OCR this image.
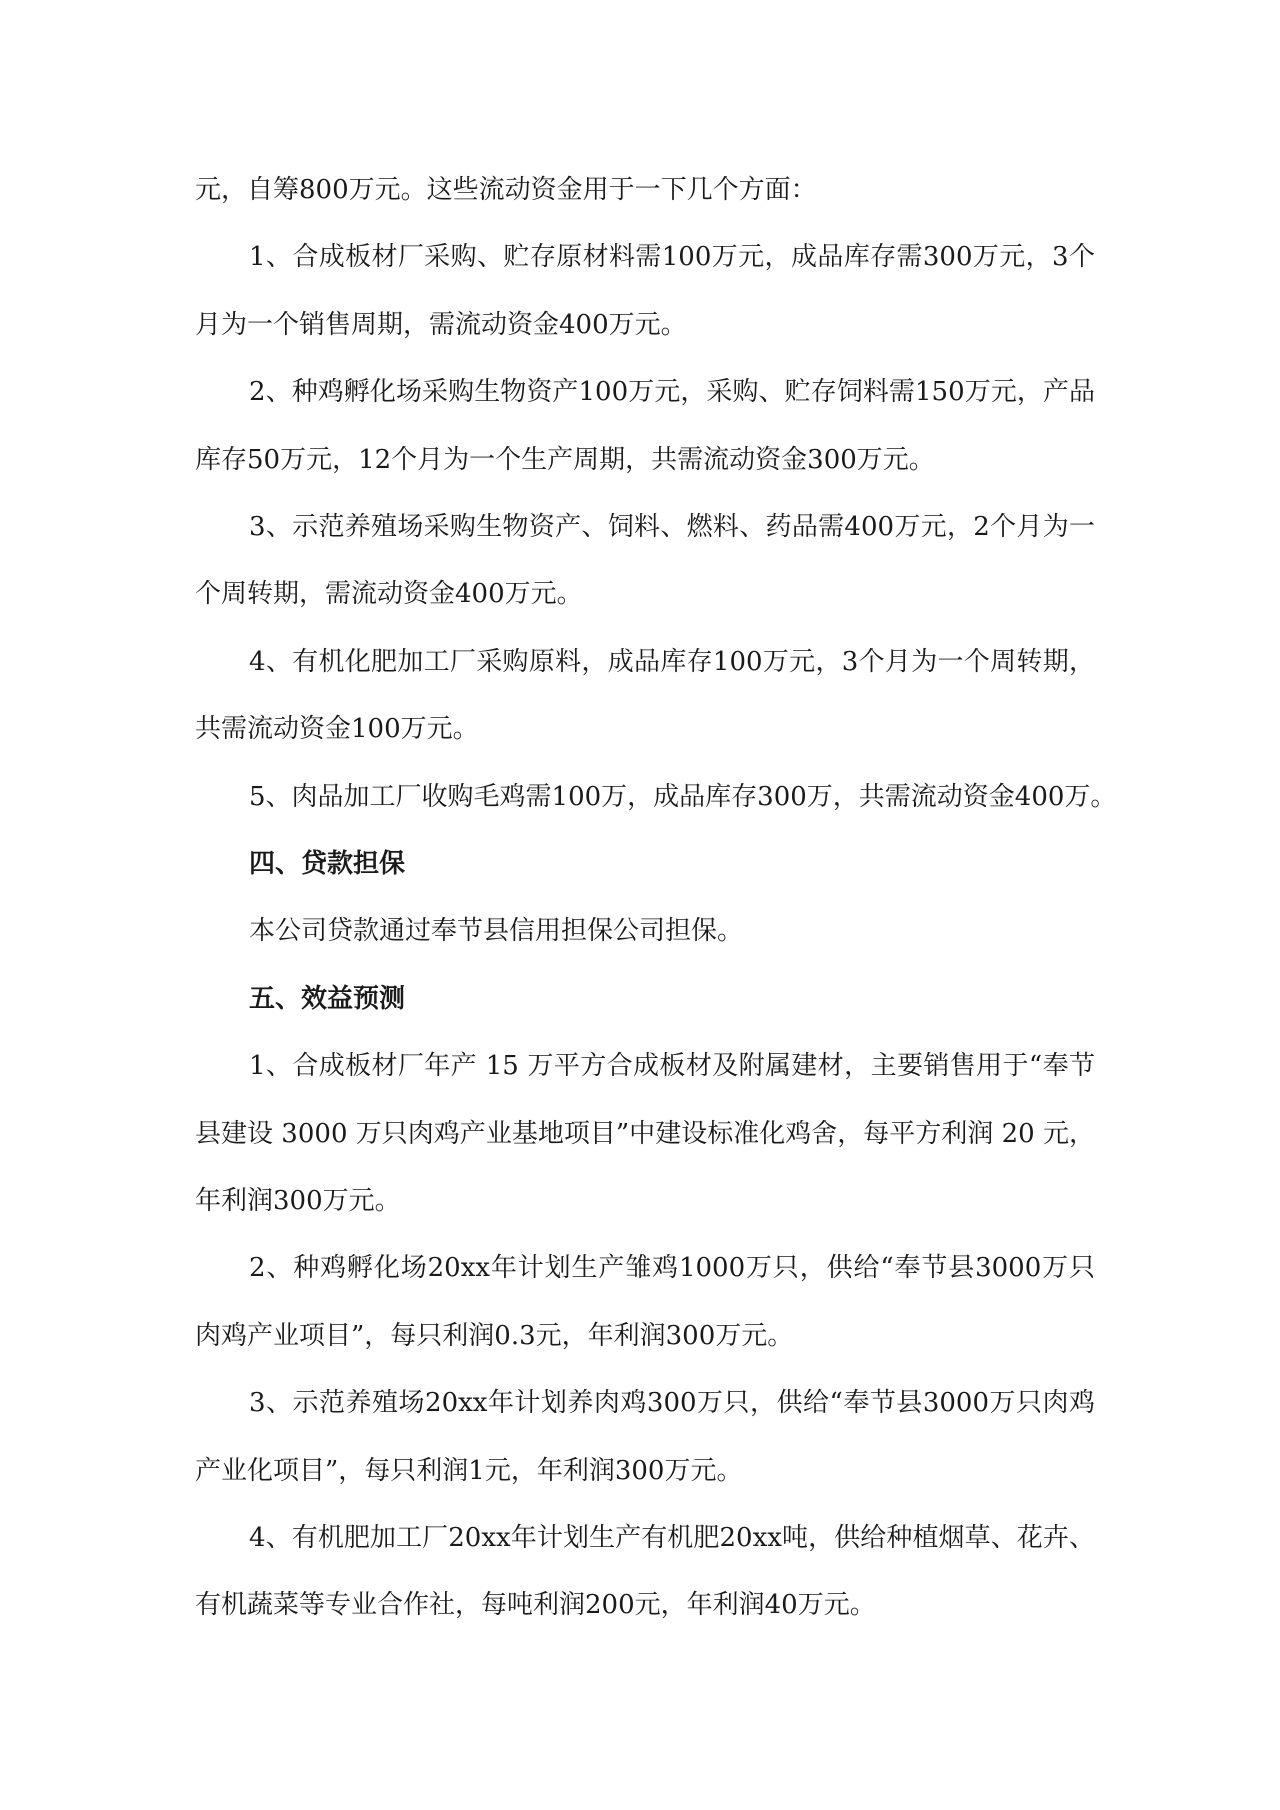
元，自筹800万元。这些流动资金用于一下几个方面：
1、合成板材厂采购、贮存原材料需100万元，成品库存需300万元，3个
月为一个销售周期，需流动资金400万元。
2、种鸡孵化场采购生物资产100万元，采购、贮存饲料需150万元，产品
库存50万元，12个月为一个生产周期，共需流动资金300万元。
3、示范养殖场采购生物资产、饲料、燃料、药品需400万元，2个月为一
个周转期，需流动资金400万元。
4、有机化肥加工厂采购原料，成品库存100万元，3个月为一个周转期，
共需流动资金100万元。
5、肉品加工厂收购毛鸡需100万，成品库存300万，共需流动资金400万。
四、贷款担保
本公司贷款通过奉节县信用担保公司担保。
五、效益预测
1、合成板材厂年产 15 万平方合成板材及附属建材，主要销售用于“奉节
县建设 3000 万只肉鸡产业基地项目”中建设标准化鸡舍，每平方利润 20 元，
年利润300万元。
2、种鸡孵化场20xx年计划生产雏鸡1000万只，供给“奉节县3000万只
肉鸡产业项目”，每只利润0.3元，年利润300万元。
3、示范养殖场20xx年计划养肉鸡300万只，供给“奉节县3000万只肉鸡
产业化项目”，每只利润1元，年利润300万元。
4、有机肥加工厂20xx年计划生产有机肥20xx吨，供给种植烟草、花卉、
有机蔬菜等专业合作社，每吨利润200元，年利润40万元。
